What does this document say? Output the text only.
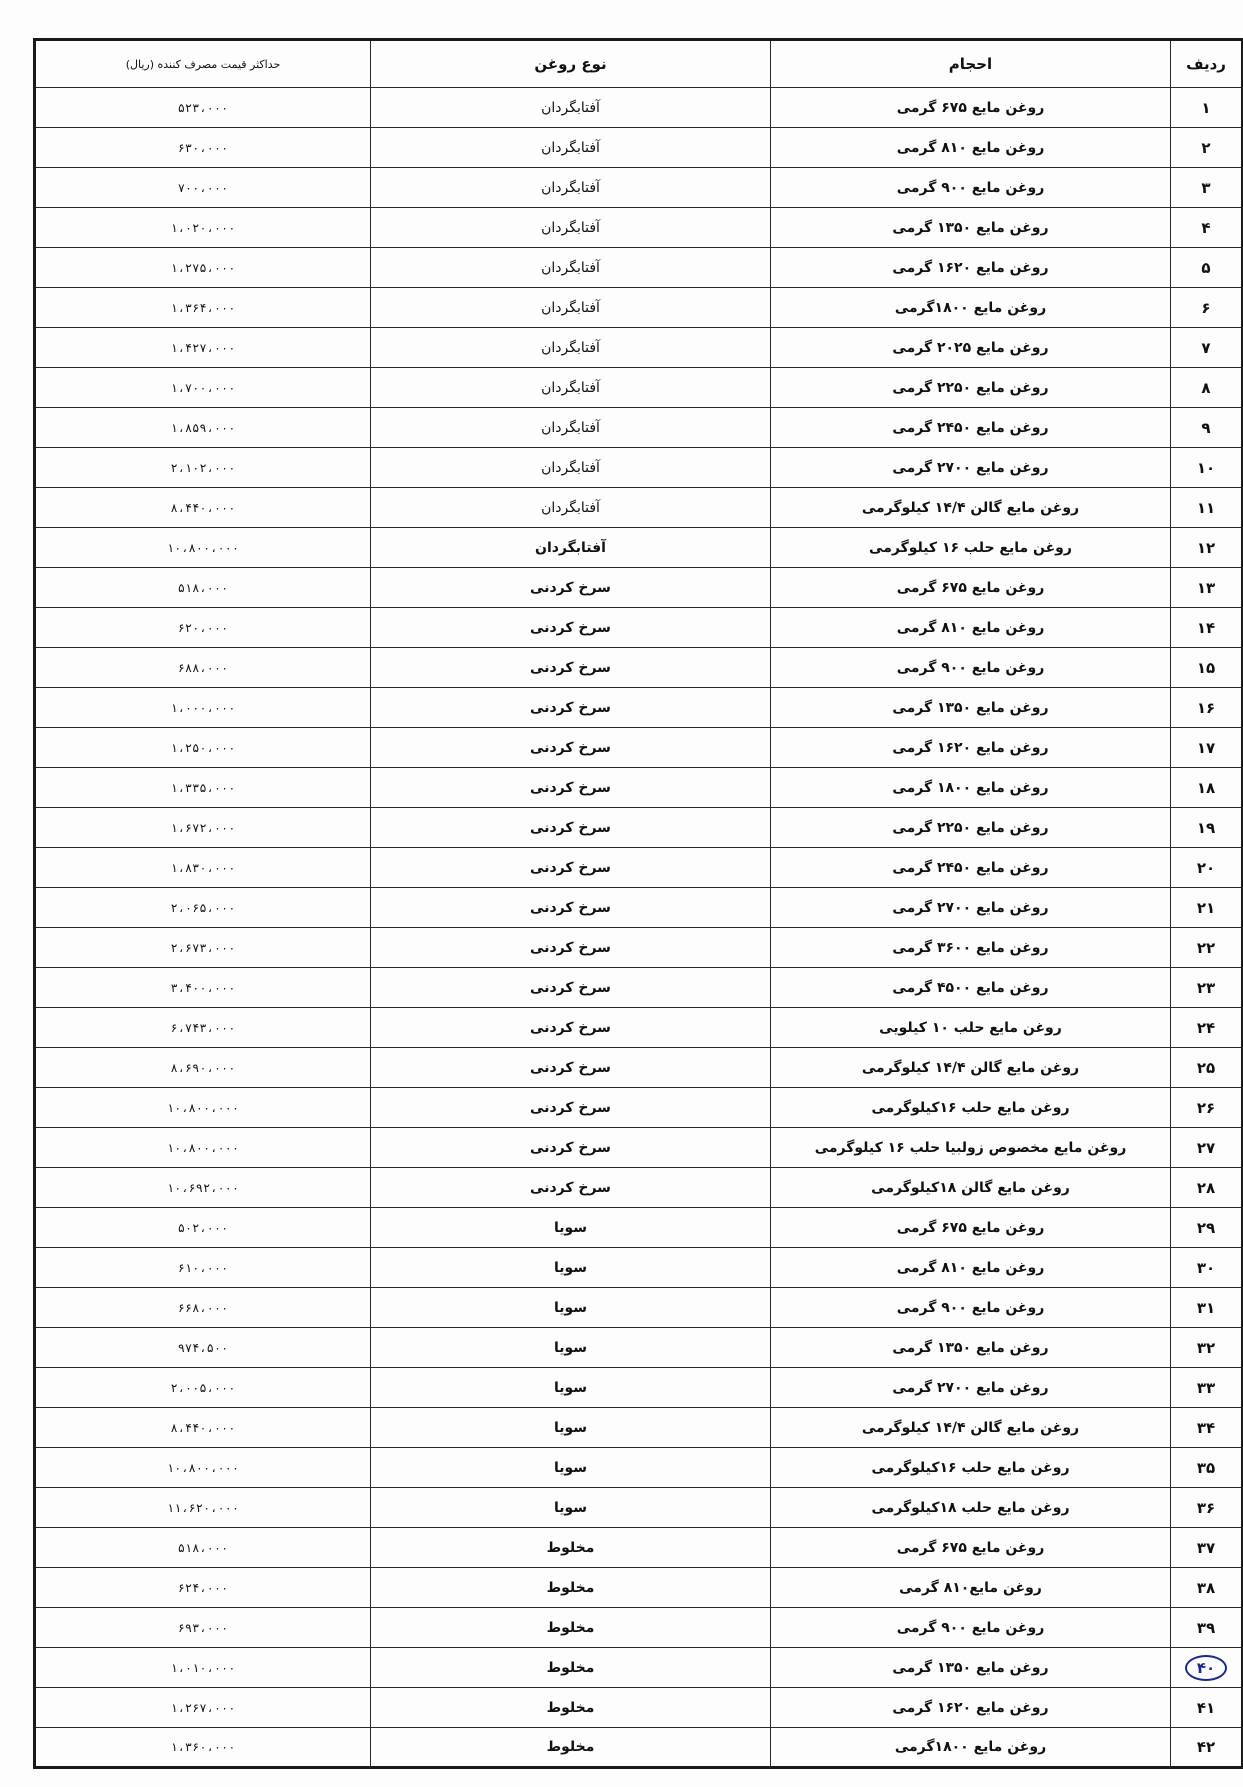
ردیف	احجام	نوع روغن	حداکثر قیمت مصرف کننده (ریال)
۱	روغن مایع ۶۷۵ گرمی	آفتابگردان	۵۲۳،۰۰۰
۲	روغن مایع ۸۱۰ گرمی	آفتابگردان	۶۳۰،۰۰۰
۳	روغن مایع ۹۰۰ گرمی	آفتابگردان	۷۰۰،۰۰۰
۴	روغن مایع ۱۳۵۰ گرمی	آفتابگردان	۱،۰۲۰،۰۰۰
۵	روغن مایع ۱۶۲۰ گرمی	آفتابگردان	۱،۲۷۵،۰۰۰
۶	روغن مایع ۱۸۰۰گرمی	آفتابگردان	۱،۳۶۴،۰۰۰
۷	روغن مایع ۲۰۲۵ گرمی	آفتابگردان	۱،۴۲۷،۰۰۰
۸	روغن مایع ۲۲۵۰ گرمی	آفتابگردان	۱،۷۰۰،۰۰۰
۹	روغن مایع ۲۴۵۰ گرمی	آفتابگردان	۱،۸۵۹،۰۰۰
۱۰	روغن مایع ۲۷۰۰ گرمی	آفتابگردان	۲،۱۰۲،۰۰۰
۱۱	روغن مایع گالن ۱۴/۴ کیلوگرمی	آفتابگردان	۸،۴۴۰،۰۰۰
۱۲	روغن مایع حلب ۱۶ کیلوگرمی	آفتابگردان	۱۰،۸۰۰،۰۰۰
۱۳	روغن مایع ۶۷۵ گرمی	سرخ کردنی	۵۱۸،۰۰۰
۱۴	روغن مایع ۸۱۰ گرمی	سرخ کردنی	۶۲۰،۰۰۰
۱۵	روغن مایع ۹۰۰ گرمی	سرخ کردنی	۶۸۸،۰۰۰
۱۶	روغن مایع ۱۳۵۰ گرمی	سرخ کردنی	۱،۰۰۰،۰۰۰
۱۷	روغن مایع ۱۶۲۰ گرمی	سرخ کردنی	۱،۲۵۰،۰۰۰
۱۸	روغن مایع ۱۸۰۰ گرمی	سرخ کردنی	۱،۳۳۵،۰۰۰
۱۹	روغن مایع ۲۲۵۰ گرمی	سرخ کردنی	۱،۶۷۲،۰۰۰
۲۰	روغن مایع ۲۴۵۰ گرمی	سرخ کردنی	۱،۸۳۰،۰۰۰
۲۱	روغن مایع ۲۷۰۰ گرمی	سرخ کردنی	۲،۰۶۵،۰۰۰
۲۲	روغن مایع ۳۶۰۰ گرمی	سرخ کردنی	۲،۶۷۳،۰۰۰
۲۳	روغن مایع ۴۵۰۰ گرمی	سرخ کردنی	۳،۴۰۰،۰۰۰
۲۴	روغن مایع حلب ۱۰ کیلویی	سرخ کردنی	۶،۷۴۳،۰۰۰
۲۵	روغن مایع گالن ۱۴/۴ کیلوگرمی	سرخ کردنی	۸،۶۹۰،۰۰۰
۲۶	روغن مایع حلب ۱۶کیلوگرمی	سرخ کردنی	۱۰،۸۰۰،۰۰۰
۲۷	روغن مایع مخصوص زولبیا حلب ۱۶ کیلوگرمی	سرخ کردنی	۱۰،۸۰۰،۰۰۰
۲۸	روغن مایع گالن ۱۸کیلوگرمی	سرخ کردنی	۱۰،۶۹۲،۰۰۰
۲۹	روغن مایع ۶۷۵ گرمی	سویا	۵۰۲،۰۰۰
۳۰	روغن مایع ۸۱۰ گرمی	سویا	۶۱۰،۰۰۰
۳۱	روغن مایع ۹۰۰ گرمی	سویا	۶۶۸،۰۰۰
۳۲	روغن مایع ۱۳۵۰ گرمی	سویا	۹۷۴،۵۰۰
۳۳	روغن مایع ۲۷۰۰ گرمی	سویا	۲،۰۰۵،۰۰۰
۳۴	روغن مایع گالن ۱۴/۴ کیلوگرمی	سویا	۸،۴۴۰،۰۰۰
۳۵	روغن مایع حلب ۱۶کیلوگرمی	سویا	۱۰،۸۰۰،۰۰۰
۳۶	روغن مایع حلب ۱۸کیلوگرمی	سویا	۱۱،۶۲۰،۰۰۰
۳۷	روغن مایع ۶۷۵ گرمی	مخلوط	۵۱۸،۰۰۰
۳۸	روغن مایع۸۱۰ گرمی	مخلوط	۶۲۴،۰۰۰
۳۹	روغن مایع ۹۰۰ گرمی	مخلوط	۶۹۳،۰۰۰
۴۰	روغن مایع ۱۳۵۰ گرمی	مخلوط	۱،۰۱۰،۰۰۰
۴۱	روغن مایع ۱۶۲۰ گرمی	مخلوط	۱،۲۶۷،۰۰۰
۴۲	روغن مایع ۱۸۰۰گرمی	مخلوط	۱،۳۶۰،۰۰۰
